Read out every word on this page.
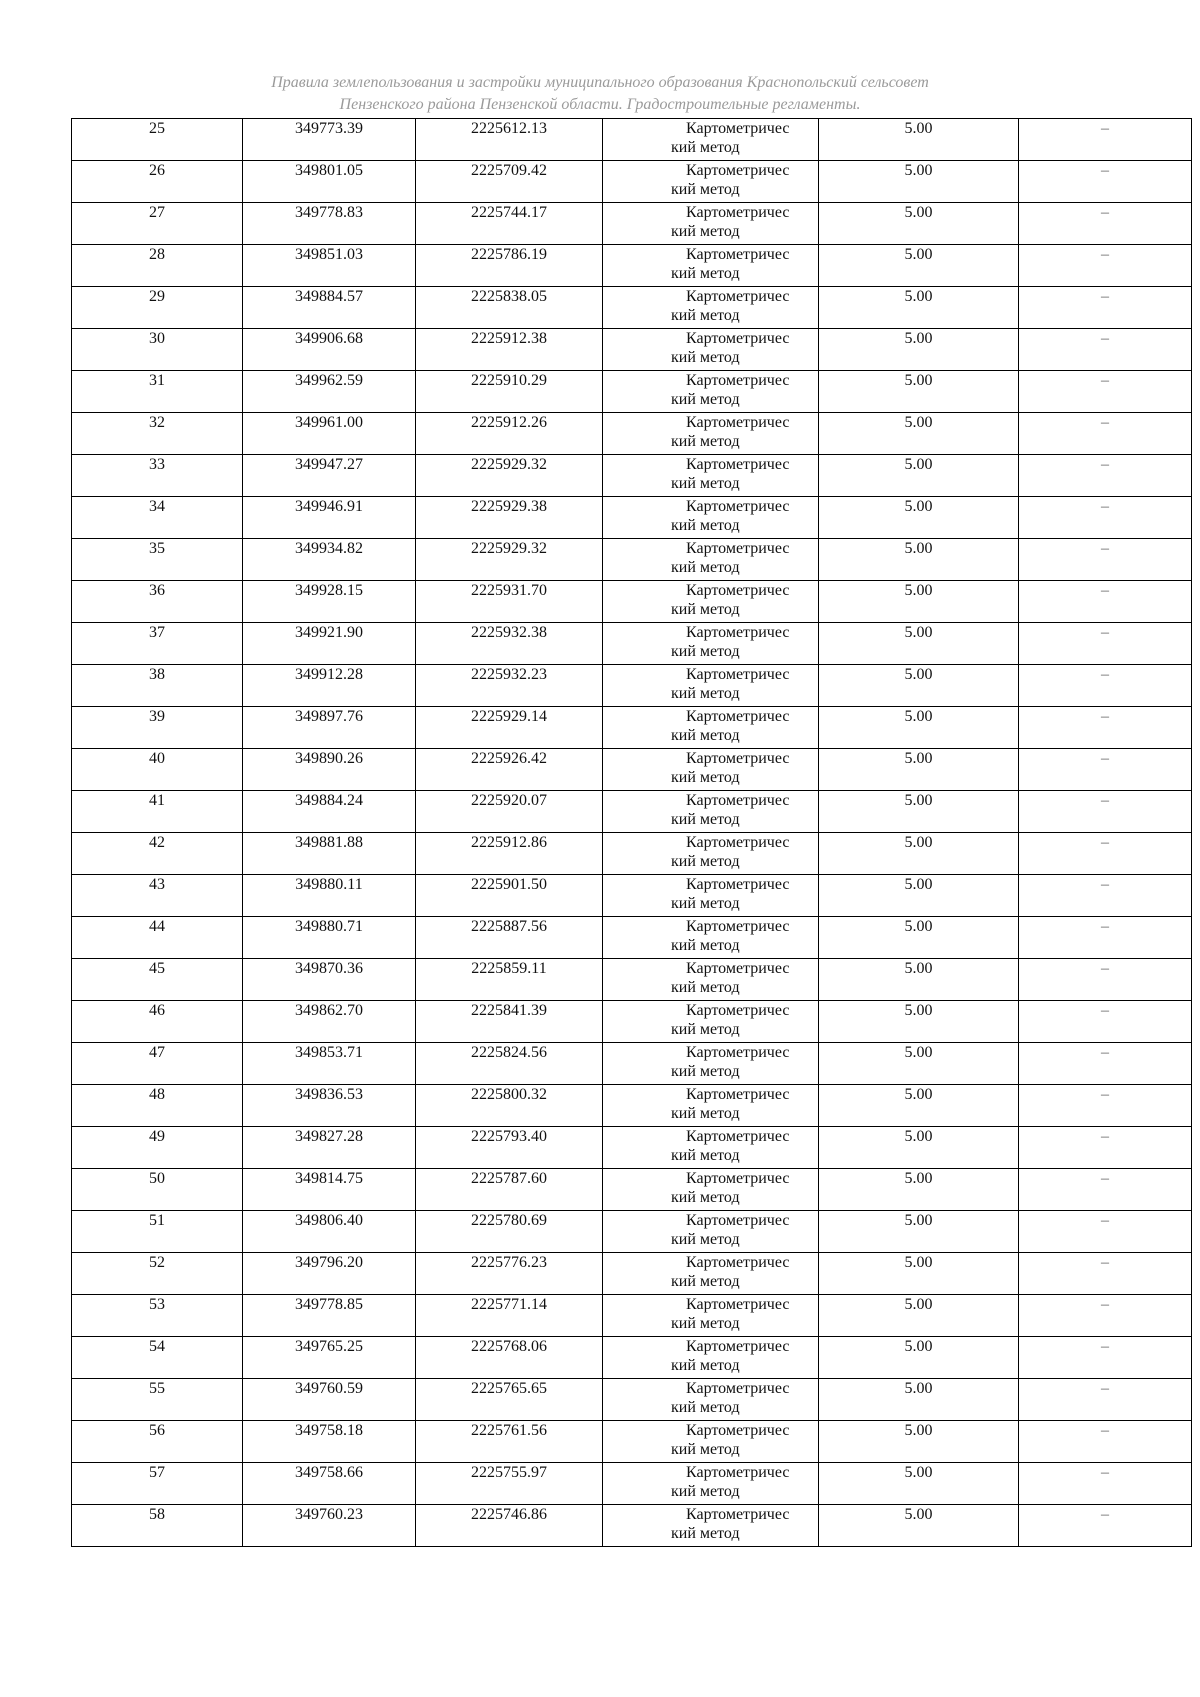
Правила землепользования и застройки муниципального образования Краснопольский сельсовет
Пензенского района Пензенской области. Градостроительные регламенты.
25	349773.39	2225612.13	Картометричес
кий метод	5.00	–
26	349801.05	2225709.42	Картометричес
кий метод	5.00	–
27	349778.83	2225744.17	Картометричес
кий метод	5.00	–
28	349851.03	2225786.19	Картометричес
кий метод	5.00	–
29	349884.57	2225838.05	Картометричес
кий метод	5.00	–
30	349906.68	2225912.38	Картометричес
кий метод	5.00	–
31	349962.59	2225910.29	Картометричес
кий метод	5.00	–
32	349961.00	2225912.26	Картометричес
кий метод	5.00	–
33	349947.27	2225929.32	Картометричес
кий метод	5.00	–
34	349946.91	2225929.38	Картометричес
кий метод	5.00	–
35	349934.82	2225929.32	Картометричес
кий метод	5.00	–
36	349928.15	2225931.70	Картометричес
кий метод	5.00	–
37	349921.90	2225932.38	Картометричес
кий метод	5.00	–
38	349912.28	2225932.23	Картометричес
кий метод	5.00	–
39	349897.76	2225929.14	Картометричес
кий метод	5.00	–
40	349890.26	2225926.42	Картометричес
кий метод	5.00	–
41	349884.24	2225920.07	Картометричес
кий метод	5.00	–
42	349881.88	2225912.86	Картометричес
кий метод	5.00	–
43	349880.11	2225901.50	Картометричес
кий метод	5.00	–
44	349880.71	2225887.56	Картометричес
кий метод	5.00	–
45	349870.36	2225859.11	Картометричес
кий метод	5.00	–
46	349862.70	2225841.39	Картометричес
кий метод	5.00	–
47	349853.71	2225824.56	Картометричес
кий метод	5.00	–
48	349836.53	2225800.32	Картометричес
кий метод	5.00	–
49	349827.28	2225793.40	Картометричес
кий метод	5.00	–
50	349814.75	2225787.60	Картометричес
кий метод	5.00	–
51	349806.40	2225780.69	Картометричес
кий метод	5.00	–
52	349796.20	2225776.23	Картометричес
кий метод	5.00	–
53	349778.85	2225771.14	Картометричес
кий метод	5.00	–
54	349765.25	2225768.06	Картометричес
кий метод	5.00	–
55	349760.59	2225765.65	Картометричес
кий метод	5.00	–
56	349758.18	2225761.56	Картометричес
кий метод	5.00	–
57	349758.66	2225755.97	Картометричес
кий метод	5.00	–
58	349760.23	2225746.86	Картометричес
кий метод	5.00	–
